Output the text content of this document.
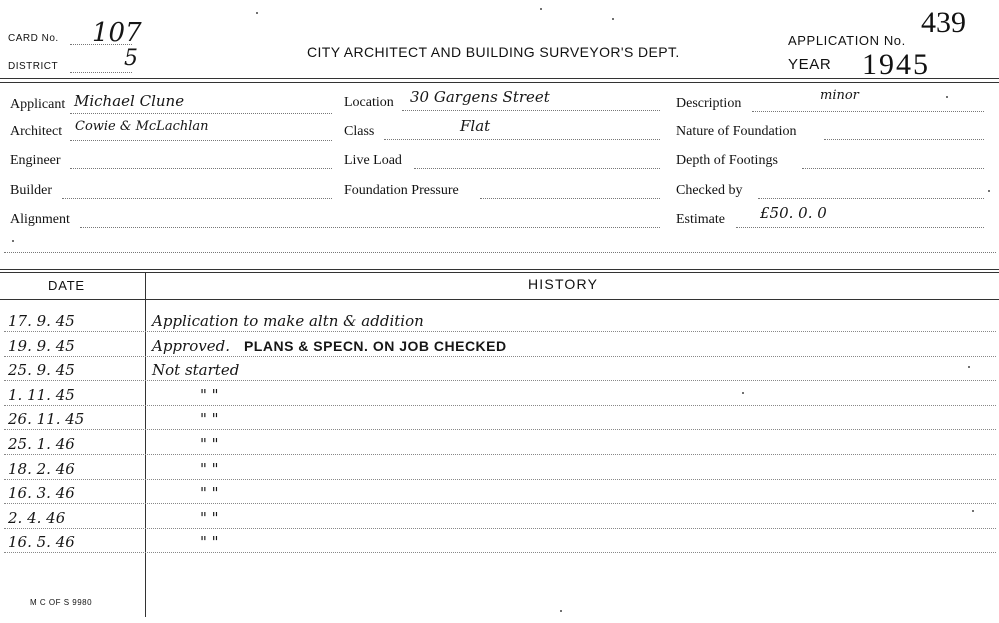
CARD No. 107
DISTRICT	5	CITY ARCHITECT AND BUILDING SURVEYOR'S DEPT.
APPLICATION No.
439
YEAR 1945
Applicant Michael Clune
Architect Cowie & McLachlan
Engineer
Builder
Alignment
Location 30 Gargens Street
Class	Flat
Live Load
Foundation Pressure
Description
minor
Nature of Foundation
Depth of Footings
Checked by
Estimate £50. 0. 0
DATE	HISTORY
17. 9. 45	Application to make altn & addition
19. 9. 45	Approved. PLANS & SPECN. ON JOB CHECKED
25. 9. 45	Not started
1. 11. 45	" "
26. 11. 45	" "
25. 1. 46	" "
18. 2. 46	" "
16. 3. 46	" "
2. 4. 46	" "
16. 5. 46	" "
M C OF S 9980
